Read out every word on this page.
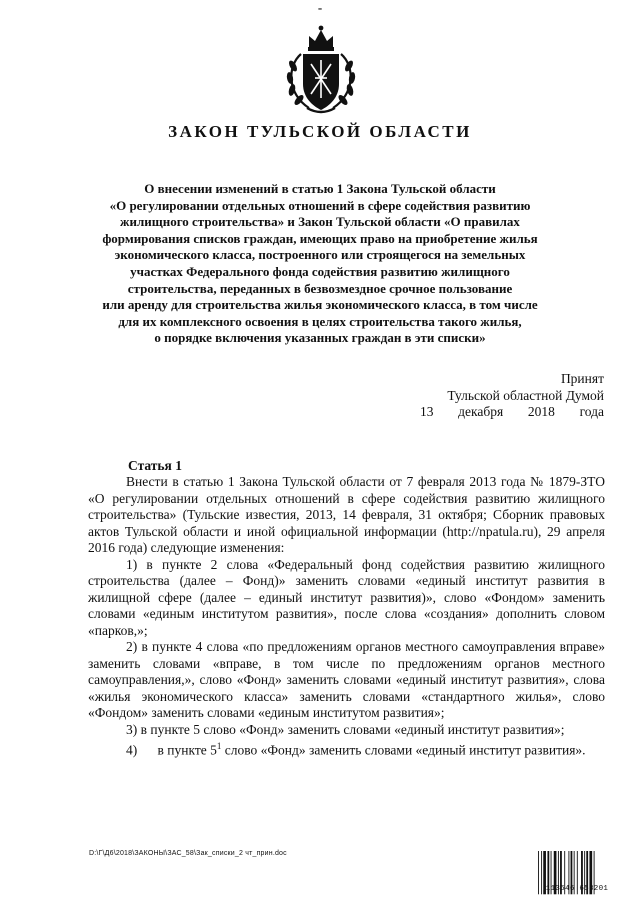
-
ЗАКОН ТУЛЬСКОЙ ОБЛАСТИ
О внесении изменений в статью 1 Закона Тульской области
«О регулировании отдельных отношений в сфере содействия развитию
жилищного строительства» и Закон Тульской области «О правилах
формирования списков граждан, имеющих право на приобретение жилья
экономического класса, построенного или строящегося на земельных
участках Федерального фонда содействия развитию жилищного
строительства, переданных в безвозмездное срочное пользование
или аренду для строительства жилья экономического класса, в том числе
для их комплексного освоения в целях строительства такого жилья,
о порядке включения указанных граждан в эти списки»
Принят
Тульской областной Думой
13 декабря 2018 года
Статья 1

Внести в статью 1 Закона Тульской области от 7 февраля 2013 года № 1879-ЗТО «О регулировании отдельных отношений в сфере содействия развитию жилищного строительства» (Тульские известия, 2013, 14 февраля, 31 октября; Сборник правовых актов Тульской области и иной официальной информации (http://npatula.ru), 29 апреля 2016 года) следующие изменения:

1) в пункте 2 слова «Федеральный фонд содействия развитию жилищного строительства (далее – Фонд)» заменить словами «единый институт развития в жилищной сфере (далее – единый институт развития)», слово «Фондом» заменить словами «единым институтом развития», после слова «создания» дополнить словом «парков,»;

2) в пункте 4 слова «по предложениям органов местного самоуправления вправе» заменить словами «вправе, в том числе по предложениям органов местного самоуправления,», слово «Фонд» заменить словами «единый институт развития», слова «жилья экономического класса» заменить словами «стандартного жилья», слово «Фондом» заменить словами «единым институтом развития»;

3) в пункте 5 слово «Фонд» заменить словами «единый институт развития»;

4) в пункте $5^1$ слово «Фонд» заменить словами «единый институт развития».

D:\Г\Д6\2018\ЗАКОНЫ\ЗАС_58\Зак_списки_2 чт_прин.doc
113646 658201
